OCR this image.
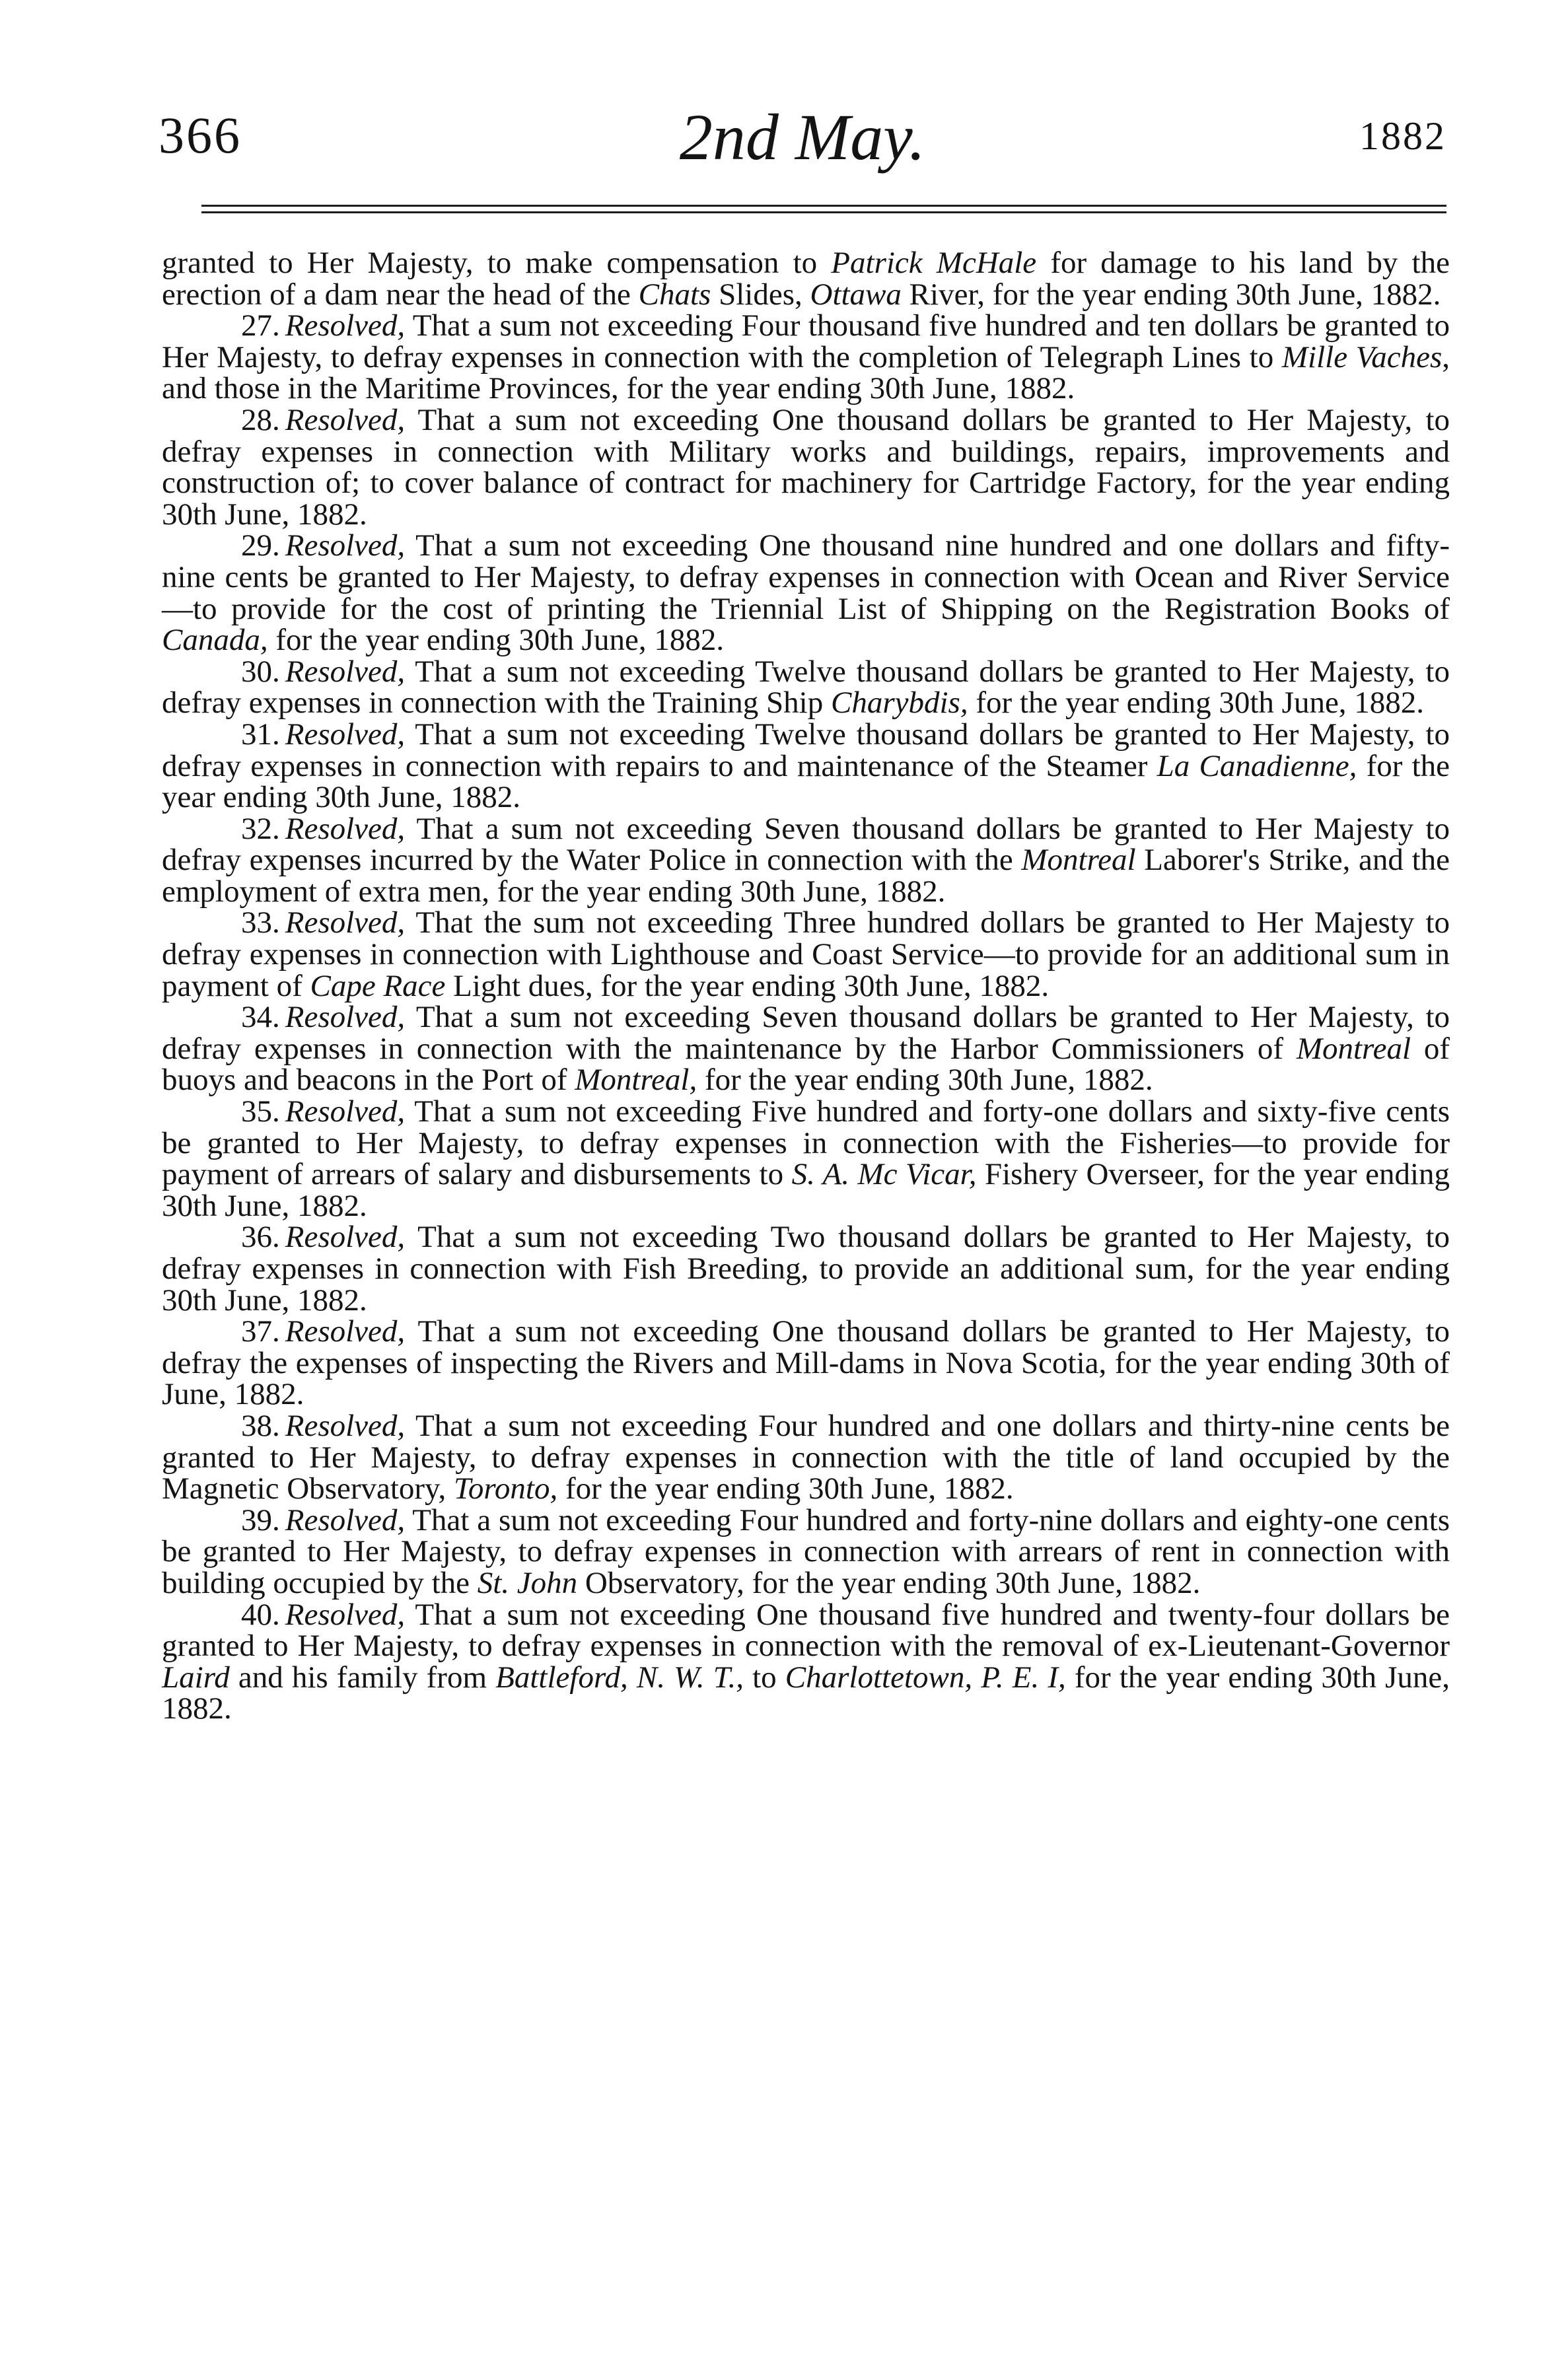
366	2nd May.	1882

granted to Her Majesty, to make compensation to Patrick McHale for damage to his land by the erection of a dam near the head of the Chats Slides, Ottawa River, for the year ending 30th June, 1882.

27. Resolved, That a sum not exceeding Four thousand five hundred and ten dollars be granted to Her Majesty, to defray expenses in connection with the completion of Telegraph Lines to Mille Vaches, and those in the Maritime Provinces, for the year ending 30th June, 1882.

28. Resolved, That a sum not exceeding One thousand dollars be granted to Her Majesty, to defray expenses in connection with Military works and buildings, repairs, improvements and construction of; to cover balance of contract for machinery for Cartridge Factory, for the year ending 30th June, 1882.

29. Resolved, That a sum not exceeding One thousand nine hundred and one dollars and fifty-nine cents be granted to Her Majesty, to defray expenses in connection with Ocean and River Service—to provide for the cost of printing the Triennial List of Shipping on the Registration Books of Canada, for the year ending 30th June, 1882.

30. Resolved, That a sum not exceeding Twelve thousand dollars be granted to Her Majesty, to defray expenses in connection with the Training Ship Charybdis, for the year ending 30th June, 1882.

31. Resolved, That a sum not exceeding Twelve thousand dollars be granted to Her Majesty, to defray expenses in connection with repairs to and maintenance of the Steamer La Canadienne, for the year ending 30th June, 1882.

32. Resolved, That a sum not exceeding Seven thousand dollars be granted to Her Majesty to defray expenses incurred by the Water Police in connection with the Montreal Laborer's Strike, and the employment of extra men, for the year ending 30th June, 1882.

33. Resolved, That the sum not exceeding Three hundred dollars be granted to Her Majesty to defray expenses in connection with Lighthouse and Coast Service—to provide for an additional sum in payment of Cape Race Light dues, for the year ending 30th June, 1882.

34. Resolved, That a sum not exceeding Seven thousand dollars be granted to Her Majesty, to defray expenses in connection with the maintenance by the Harbor Commissioners of Montreal of buoys and beacons in the Port of Montreal, for the year ending 30th June, 1882.

35. Resolved, That a sum not exceeding Five hundred and forty-one dollars and sixty-five cents be granted to Her Majesty, to defray expenses in connection with the Fisheries—to provide for payment of arrears of salary and disbursements to S. A. Mc Vicar, Fishery Overseer, for the year ending 30th June, 1882.

36. Resolved, That a sum not exceeding Two thousand dollars be granted to Her Majesty, to defray expenses in connection with Fish Breeding, to provide an additional sum, for the year ending 30th June, 1882.

37. Resolved, That a sum not exceeding One thousand dollars be granted to Her Majesty, to defray the expenses of inspecting the Rivers and Mill-dams in Nova Scotia, for the year ending 30th of June, 1882.

38. Resolved, That a sum not exceeding Four hundred and one dollars and thirty-nine cents be granted to Her Majesty, to defray expenses in connection with the title of land occupied by the Magnetic Observatory, Toronto, for the year ending 30th June, 1882.

39. Resolved, That a sum not exceeding Four hundred and forty-nine dollars and eighty-one cents be granted to Her Majesty, to defray expenses in connection with arrears of rent in connection with building occupied by the St. John Observatory, for the year ending 30th June, 1882.

40. Resolved, That a sum not exceeding One thousand five hundred and twenty-four dollars be granted to Her Majesty, to defray expenses in connection with the removal of ex-Lieutenant-Governor Laird and his family from Battleford, N. W. T., to Charlottetown, P. E. I, for the year ending 30th June, 1882.
